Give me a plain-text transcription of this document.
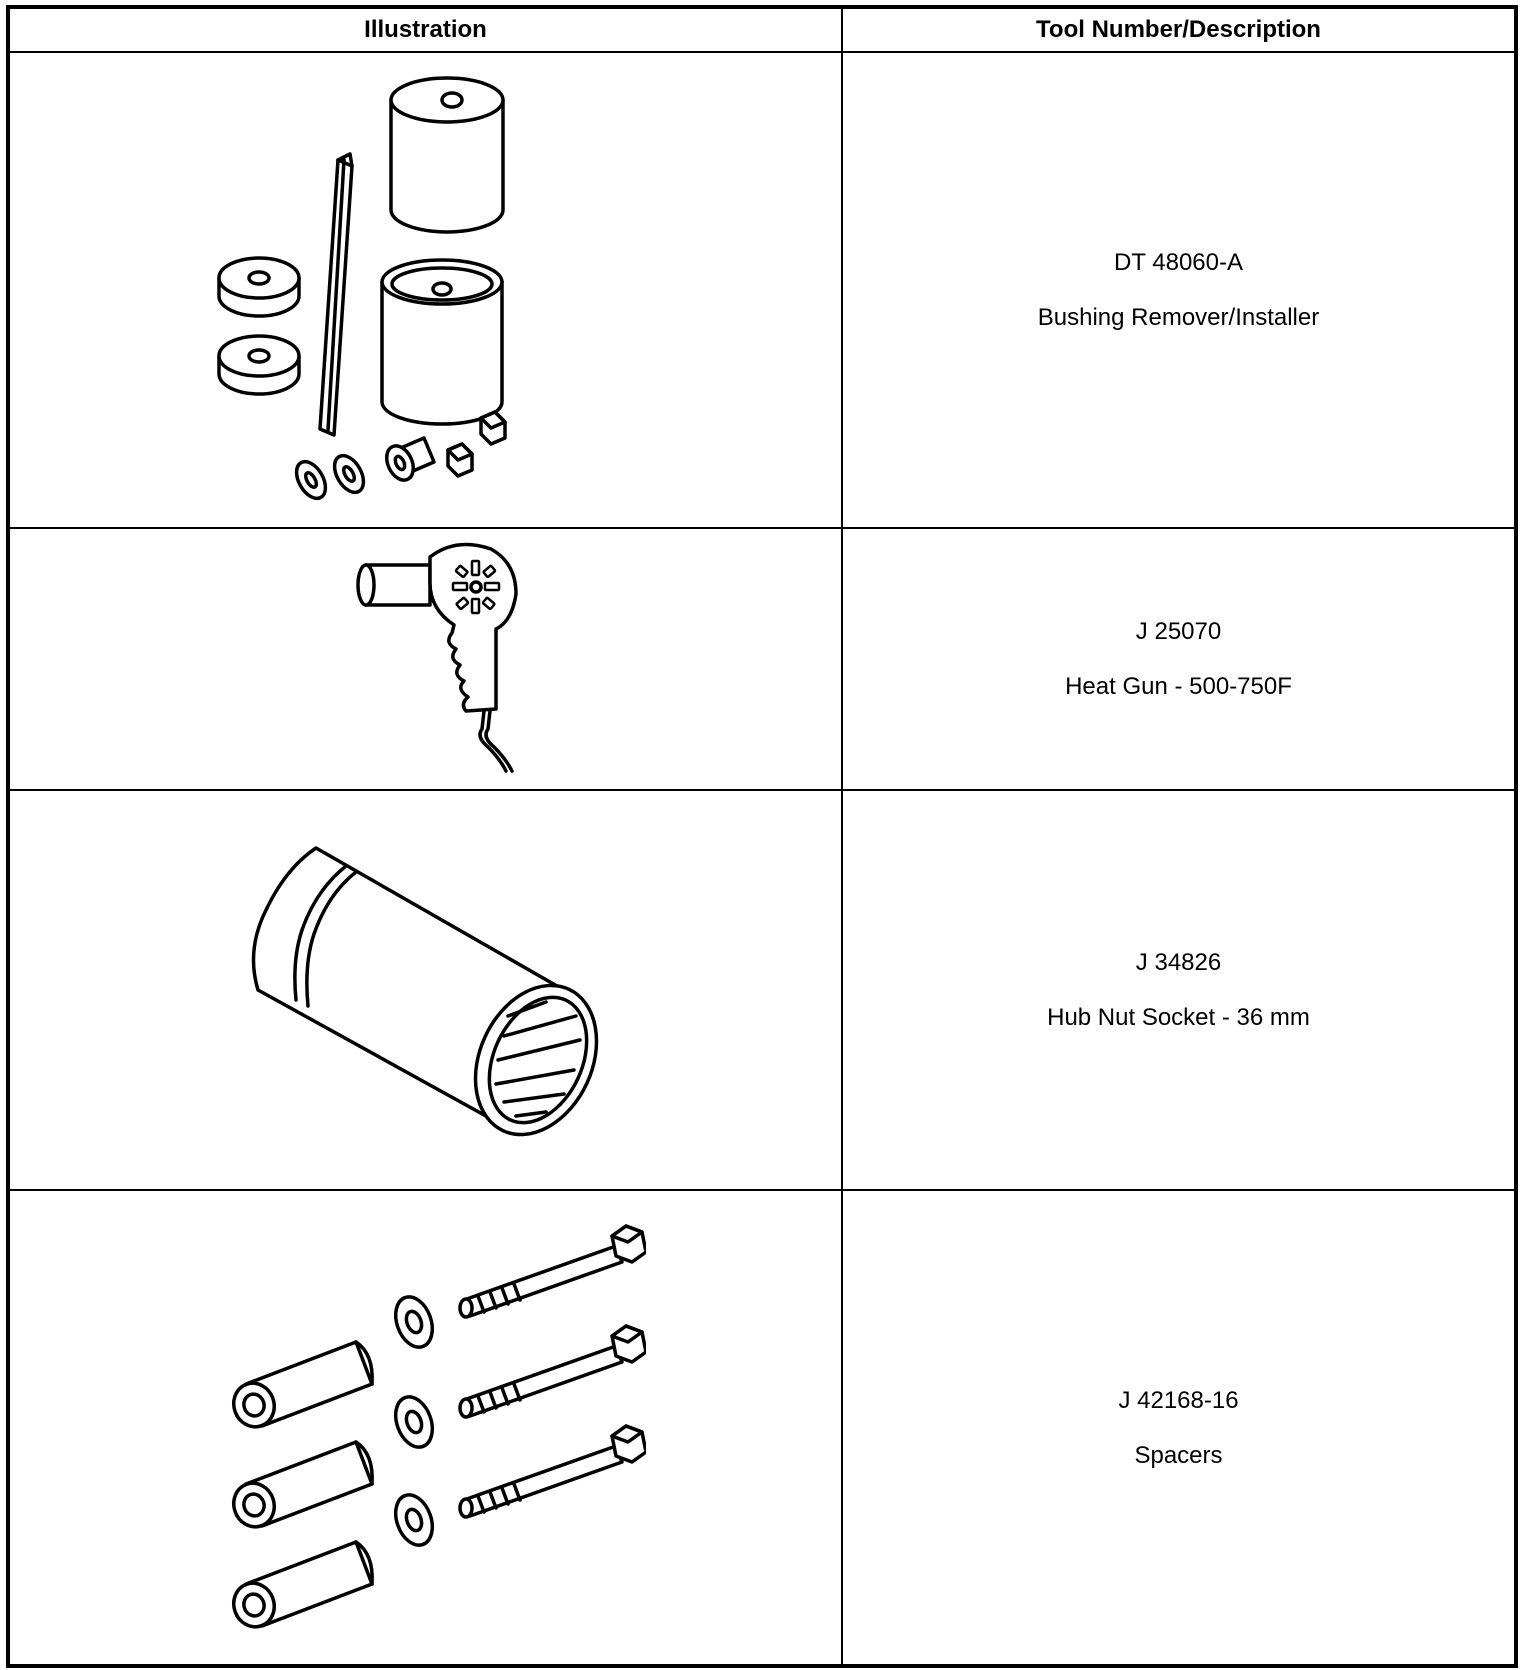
Illustration	Tool Number/Description

DT 48060-A
Bushing Remover/Installer

J 25070
Heat Gun - 500-750F

J 34826
Hub Nut Socket - 36 mm

J 42168-16
Spacers
